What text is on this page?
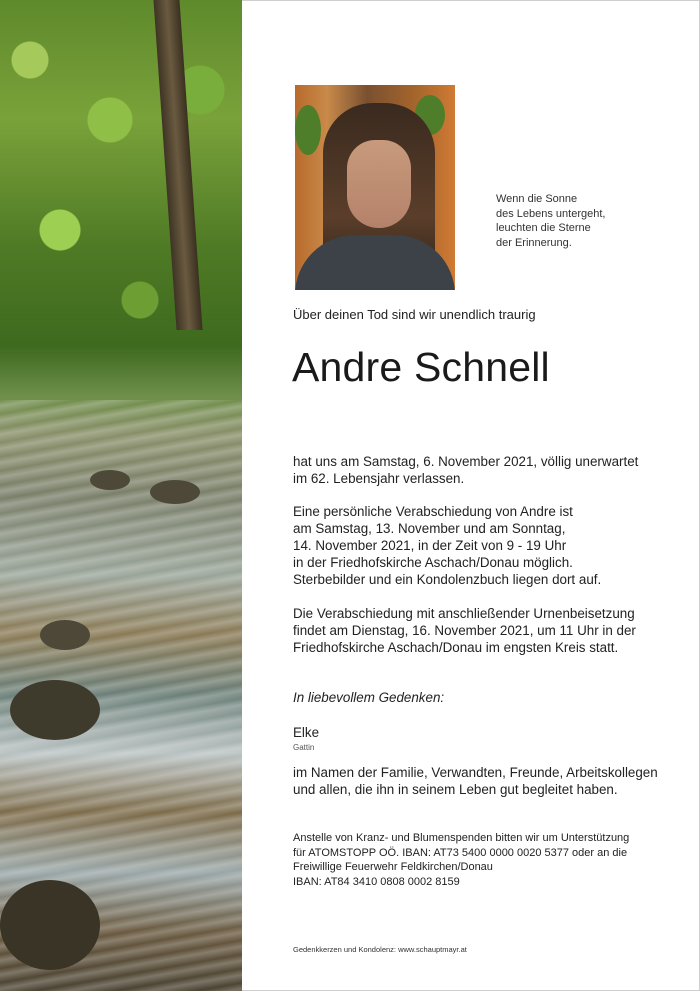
Wenn die Sonne
des Lebens untergeht,
leuchten die Sterne
der Erinnerung.
Über deinen Tod sind wir unendlich traurig
Andre Schnell
hat uns am Samstag, 6. November 2021, völlig unerwartet
im 62. Lebensjahr verlassen.
Eine persönliche Verabschiedung von Andre ist
am Samstag, 13. November und am Sonntag,
14. November 2021, in der Zeit von 9 - 19 Uhr
in der Friedhofskirche Aschach/Donau möglich.
Sterbebilder und ein Kondolenzbuch liegen dort auf.
Die Verabschiedung mit anschließender Urnenbeisetzung
findet am Dienstag, 16. November 2021, um 11 Uhr in der
Friedhofskirche Aschach/Donau im engsten Kreis statt.
In liebevollem Gedenken:
Elke
Gattin
im Namen der Familie, Verwandten, Freunde, Arbeitskollegen
und allen, die ihn in seinem Leben gut begleitet haben.
Anstelle von Kranz- und Blumenspenden bitten wir um Unterstützung
für ATOMSTOPP OÖ. IBAN: AT73 5400 0000 0020 5377 oder an die
Freiwillige Feuerwehr Feldkirchen/Donau
IBAN: AT84 3410 0808 0002 8159
Gedenkkerzen und Kondolenz: www.schauptmayr.at
